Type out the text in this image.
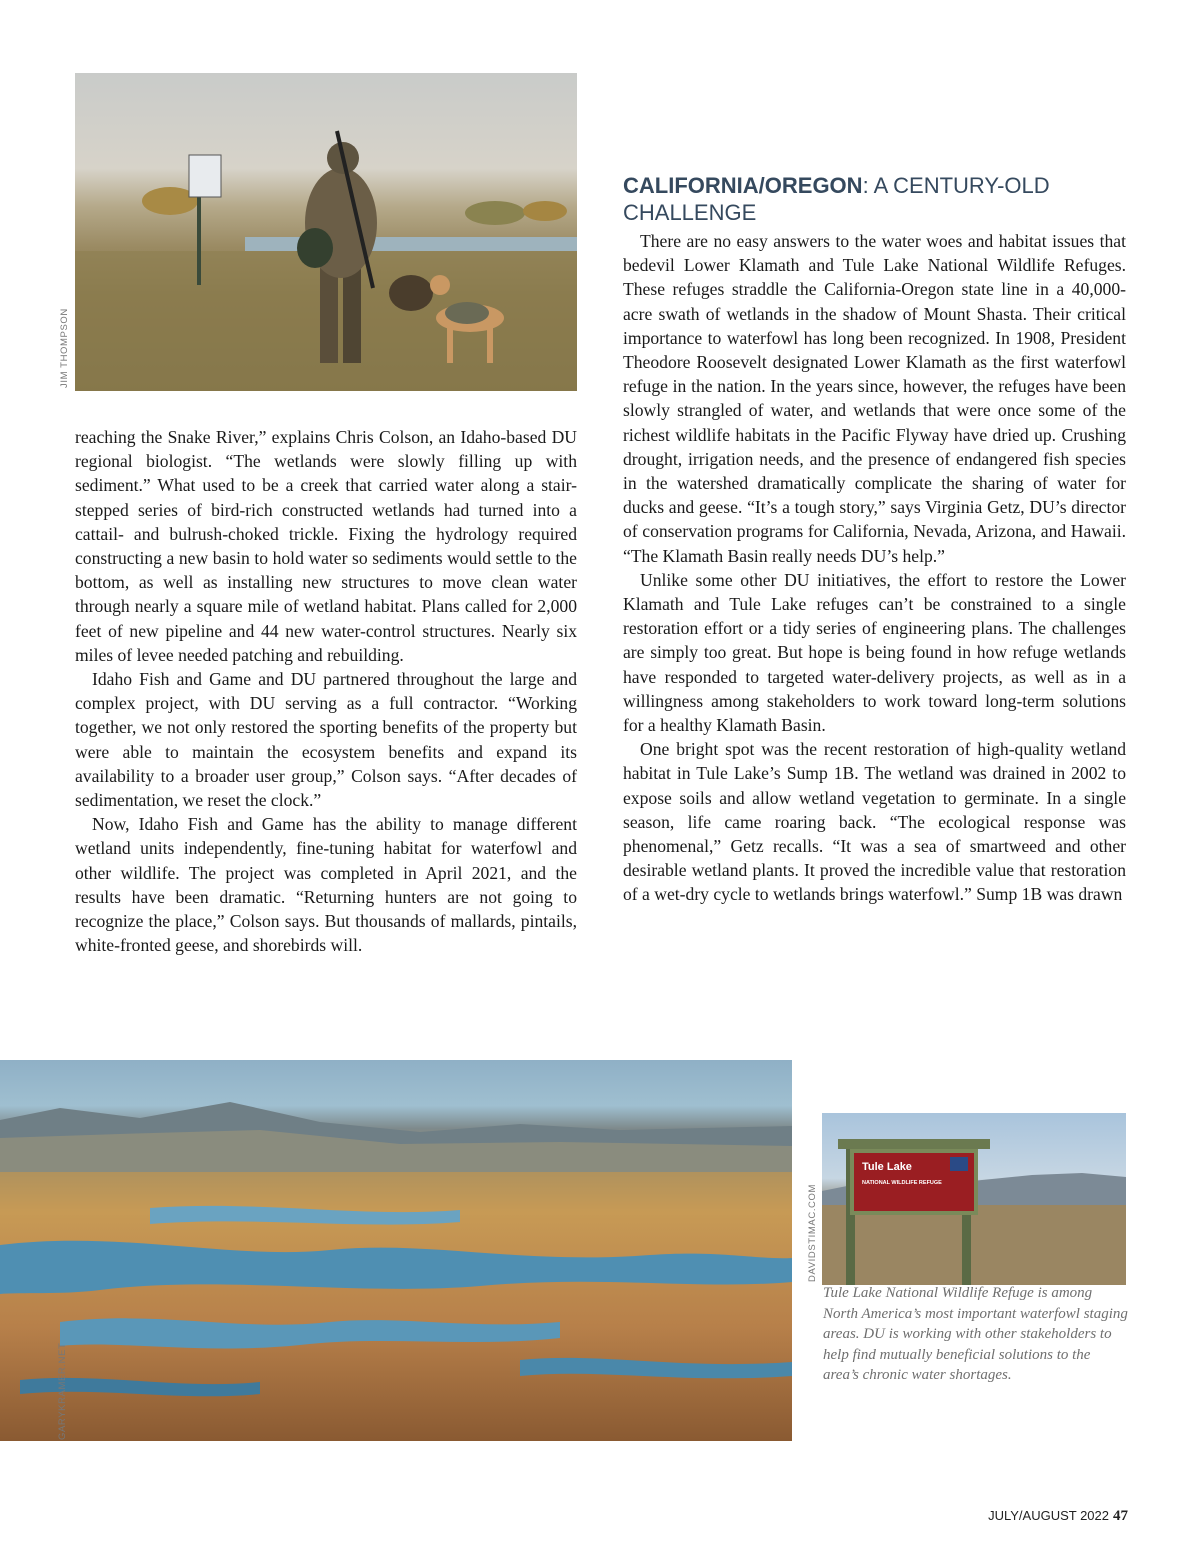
JIM THOMPSON

reaching the Snake River,” explains Chris Colson, an Idaho-based DU regional biologist. “The wetlands were slowly filling up with sediment.” What used to be a creek that carried water along a stair-stepped series of bird-rich constructed wetlands had turned into a cattail- and bulrush-choked trickle. Fixing the hydrology required constructing a new basin to hold water so sediments would settle to the bottom, as well as installing new structures to move clean water through nearly a square mile of wetland habitat. Plans called for 2,000 feet of new pipeline and 44 new water-control structures. Nearly six miles of levee needed patching and rebuilding.

Idaho Fish and Game and DU partnered throughout the large and complex project, with DU serving as a full contractor. “Working together, we not only restored the sporting benefits of the property but were able to maintain the ecosystem benefits and expand its availability to a broader user group,” Colson says. “After decades of sedimentation, we reset the clock.”

Now, Idaho Fish and Game has the ability to manage different wetland units independently, fine-tuning habitat for waterfowl and other wildlife. The project was completed in April 2021, and the results have been dramatic. “Returning hunters are not going to recognize the place,” Colson says. But thousands of mallards, pintails, white-fronted geese, and shorebirds will.

CALIFORNIA/OREGON: A CENTURY-OLD CHALLENGE

There are no easy answers to the water woes and habitat issues that bedevil Lower Klamath and Tule Lake National Wildlife Refuges. These refuges straddle the California-Oregon state line in a 40,000-acre swath of wetlands in the shadow of Mount Shasta. Their critical importance to waterfowl has long been recognized. In 1908, President Theodore Roosevelt designated Lower Klamath as the first waterfowl refuge in the nation. In the years since, however, the refuges have been slowly strangled of water, and wetlands that were once some of the richest wildlife habitats in the Pacific Flyway have dried up. Crushing drought, irrigation needs, and the presence of endangered fish species in the watershed dramatically complicate the sharing of water for ducks and geese. “It’s a tough story,” says Virginia Getz, DU’s director of conservation programs for California, Nevada, Arizona, and Hawaii. “The Klamath Basin really needs DU’s help.”

Unlike some other DU initiatives, the effort to restore the Lower Klamath and Tule Lake refuges can’t be constrained to a single restoration effort or a tidy series of engineering plans. The challenges are simply too great. But hope is being found in how refuge wetlands have responded to targeted water-delivery projects, as well as in a willingness among stakeholders to work toward long-term solutions for a healthy Klamath Basin.

One bright spot was the recent restoration of high-quality wetland habitat in Tule Lake’s Sump 1B. The wetland was drained in 2002 to expose soils and allow wetland vegetation to germinate. In a single season, life came roaring back. “The ecological response was phenomenal,” Getz recalls. “It was a sea of smartweed and other desirable wetland plants. It proved the incredible value that restoration of a wet-dry cycle to wetlands brings waterfowl.” Sump 1B was drawn

GARYKRAMER.NET
Tule Lake
NATIONAL WILDLIFE REFUGE
DAVIDSTIMAC.COM
Tule Lake National Wildlife Refuge is among North America’s most important waterfowl staging areas. DU is working with other stakeholders to help find mutually beneficial solutions to the area’s chronic water shortages.
JULY/AUGUST 2022 47
